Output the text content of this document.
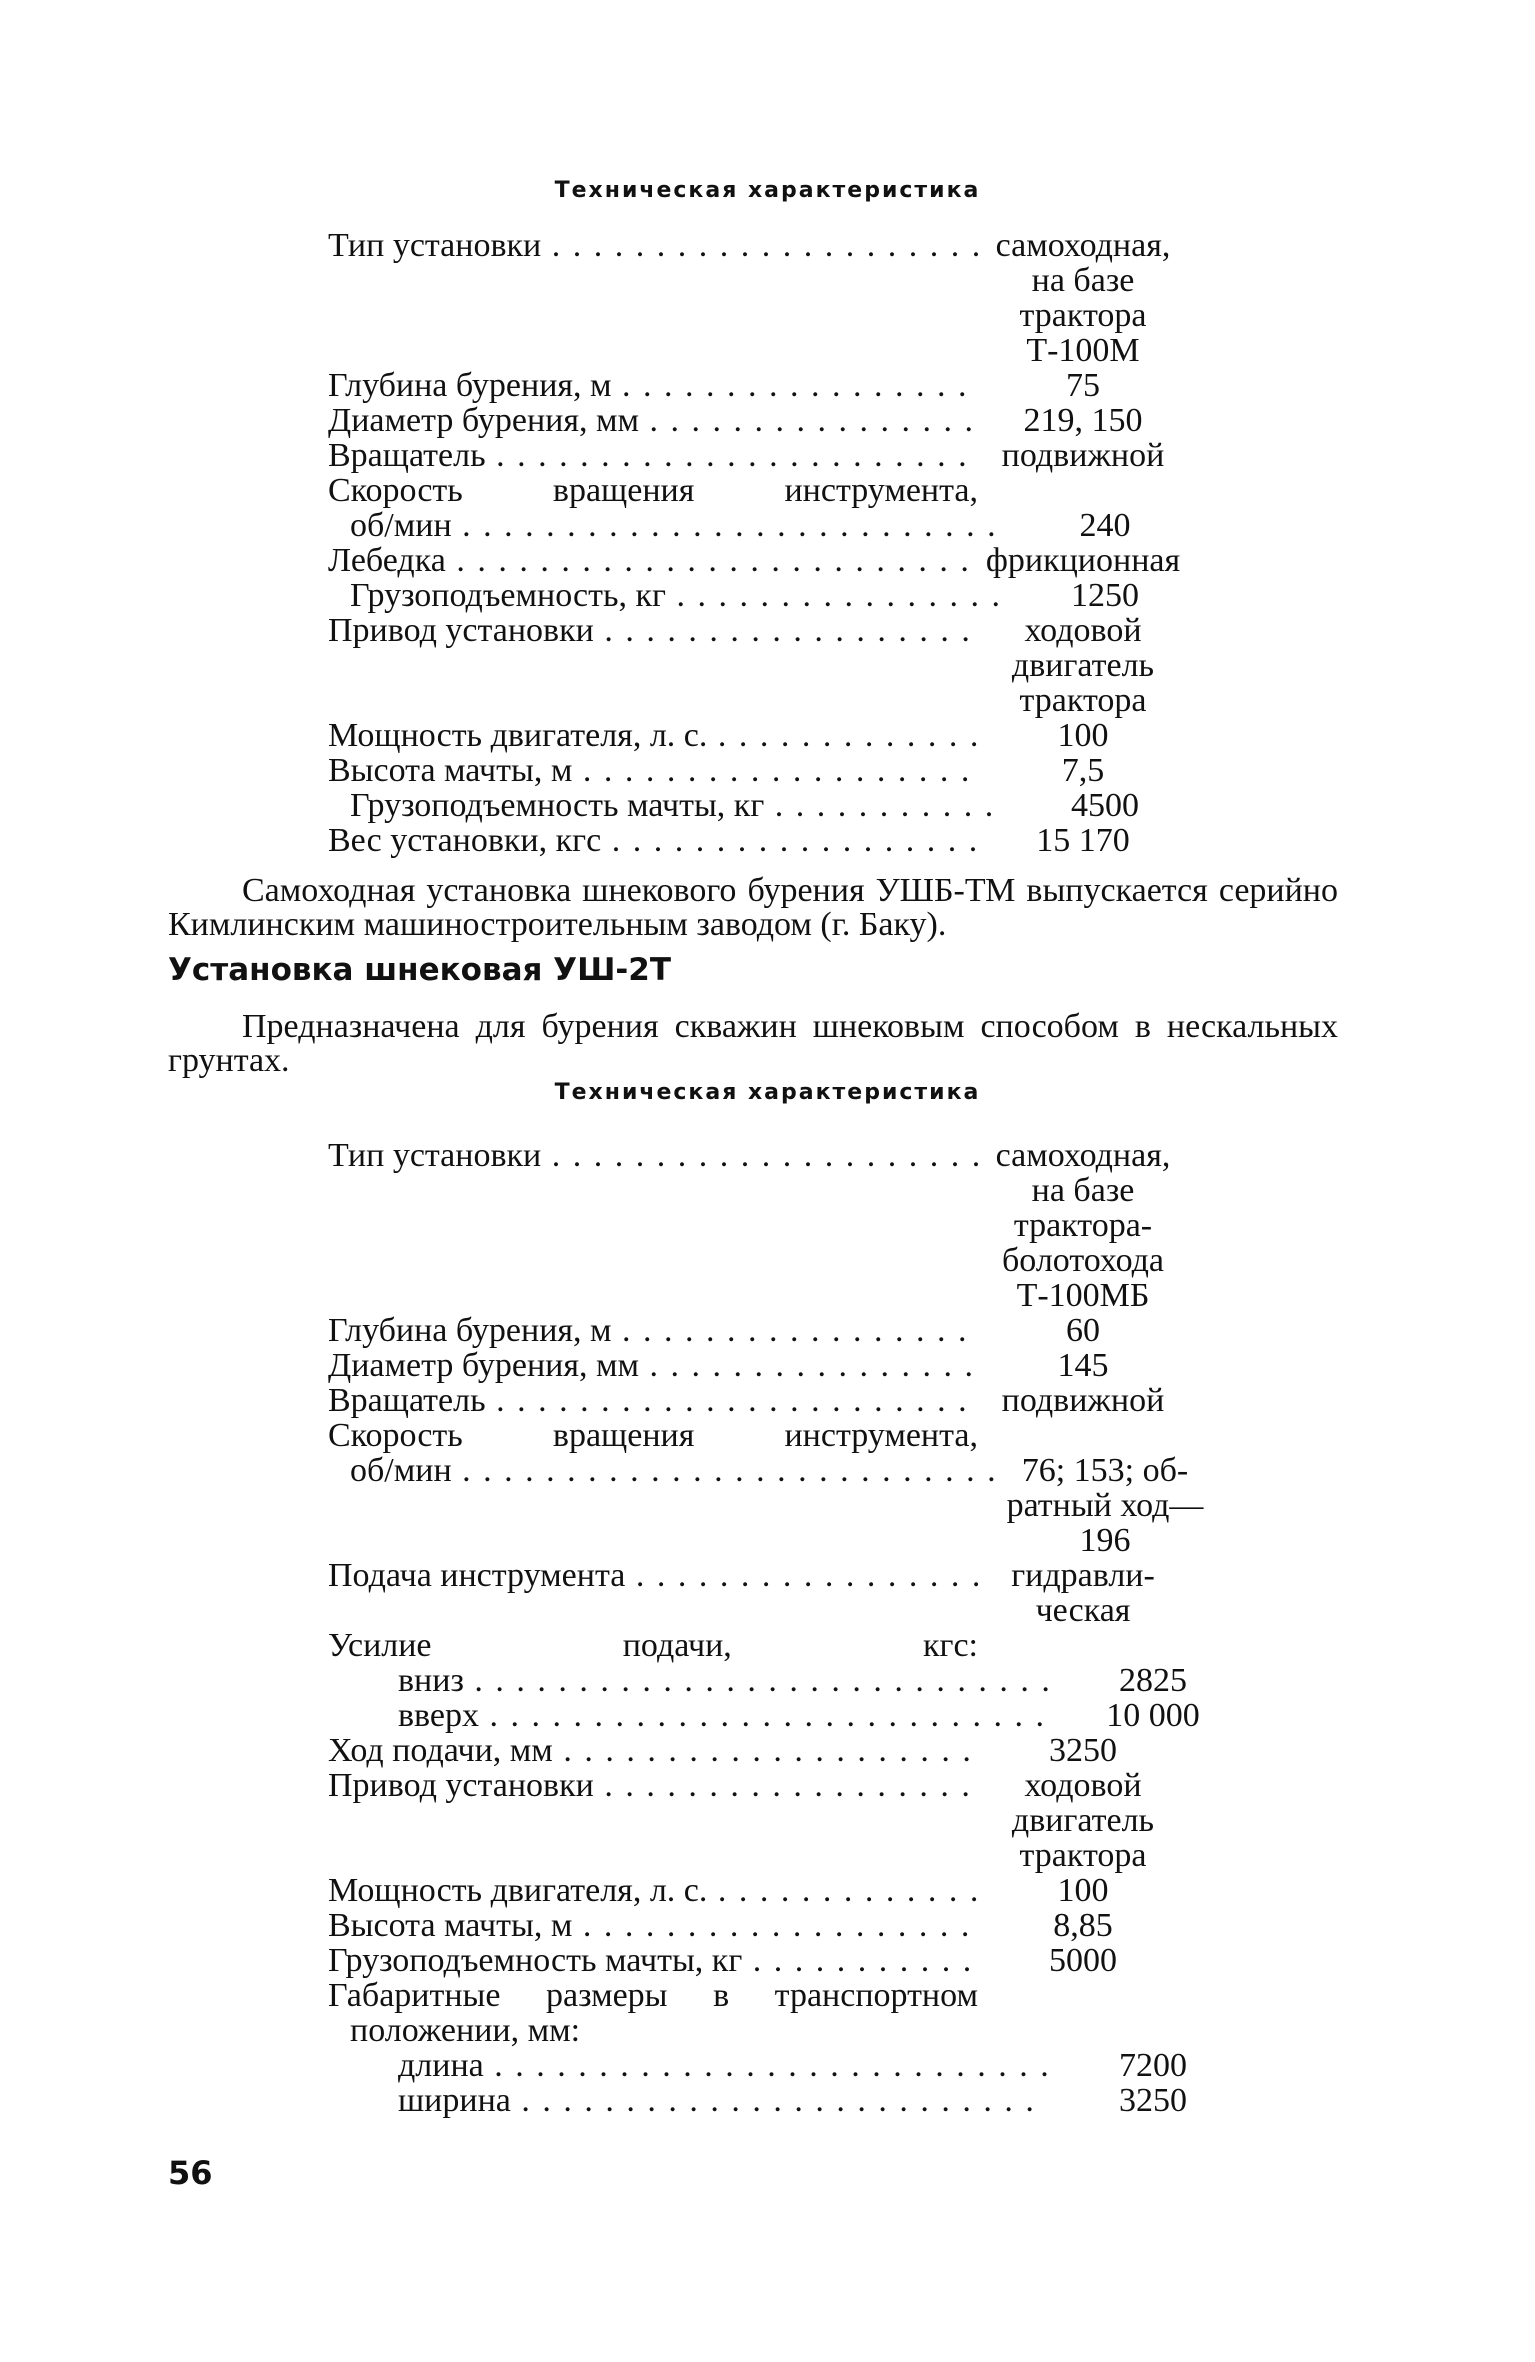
Техническая характеристика
Тип установки . . .	самоходная,
на базе
трактора
Т-100М
Глубина бурения, м . . .	75
Диаметр бурения, мм . . .	219, 150
Вращатель . . .	подвижной
Скорость вращения инструмента,
об/мин . . .	240
Лебедка . . .	фрикционная
Грузоподъемность, кг . . .	1250
Привод установки . . .	ходовой
двигатель
трактора
Мощность двигателя, л. с. . . .	100
Высота мачты, м . . .	7,5
Грузоподъемность мачты, кг . . .	4500
Вес установки, кгс . . .	15 170
Самоходная установка шнекового бурения УШБ-ТМ выпускается серийно Кимлинским машиностроительным заводом (г. Баку).
Установка шнековая УШ-2Т
Предназначена для бурения скважин шнековым способом в нескальных грунтах.
Техническая характеристика
Тип установки . . .	самоходная,
на базе
трактора-
болотохода
Т-100МБ
Глубина бурения, м . . .	60
Диаметр бурения, мм . . .	145
Вращатель . . .	подвижной
Скорость вращения инструмента,
об/мин . . .	76; 153; об-
ратный ход—
196
Подача инструмента . . .	гидравли-
ческая
Усилие подачи, кгс:
вниз . . .	2825
вверх . . .	10 000
Ход подачи, мм . . .	3250
Привод установки . . .	ходовой
двигатель
трактора
Мощность двигателя, л. с. . . .	100
Высота мачты, м . . .	8,85
Грузоподъемность мачты, кг . . .	5000
Габаритные размеры в транспортном
положении, мм:
длина . . .	7200
ширина . . .	3250
56
